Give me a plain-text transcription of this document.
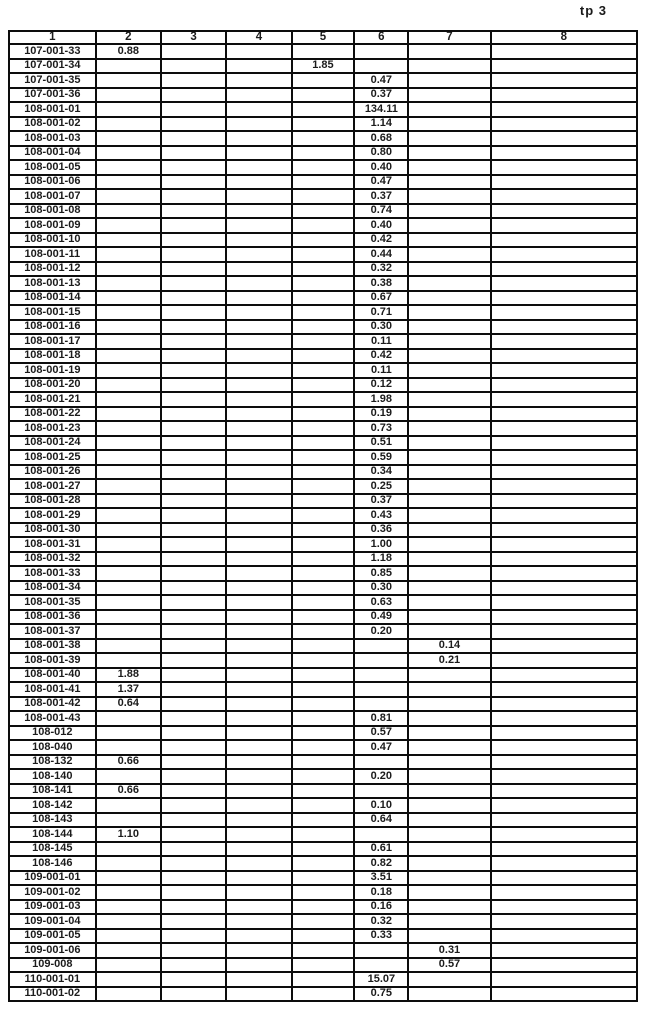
tp 3
1	2	3	4	5	6	7	8
107-001-33	0.88						
107-001-34				1.85			
107-001-35					0.47		
107-001-36					0.37		
108-001-01					134.11		
108-001-02					1.14		
108-001-03					0.68		
108-001-04					0.80		
108-001-05					0.40		
108-001-06					0.47		
108-001-07					0.37		
108-001-08					0.74		
108-001-09					0.40		
108-001-10					0.42		
108-001-11					0.44		
108-001-12					0.32		
108-001-13					0.38		
108-001-14					0.67		
108-001-15					0.71		
108-001-16					0.30		
108-001-17					0.11		
108-001-18					0.42		
108-001-19					0.11		
108-001-20					0.12		
108-001-21					1.98		
108-001-22					0.19		
108-001-23					0.73		
108-001-24					0.51		
108-001-25					0.59		
108-001-26					0.34		
108-001-27					0.25		
108-001-28					0.37		
108-001-29					0.43		
108-001-30					0.36		
108-001-31					1.00		
108-001-32					1.18		
108-001-33					0.85		
108-001-34					0.30		
108-001-35					0.63		
108-001-36					0.49		
108-001-37					0.20		
108-001-38						0.14	
108-001-39						0.21	
108-001-40	1.88						
108-001-41	1.37						
108-001-42	0.64						
108-001-43					0.81		
108-012					0.57		
108-040					0.47		
108-132	0.66						
108-140					0.20		
108-141	0.66						
108-142					0.10		
108-143					0.64		
108-144	1.10						
108-145					0.61		
108-146					0.82		
109-001-01					3.51		
109-001-02					0.18		
109-001-03					0.16		
109-001-04					0.32		
109-001-05					0.33		
109-001-06						0.31	
109-008						0.57	
110-001-01					15.07		
110-001-02					0.75		
